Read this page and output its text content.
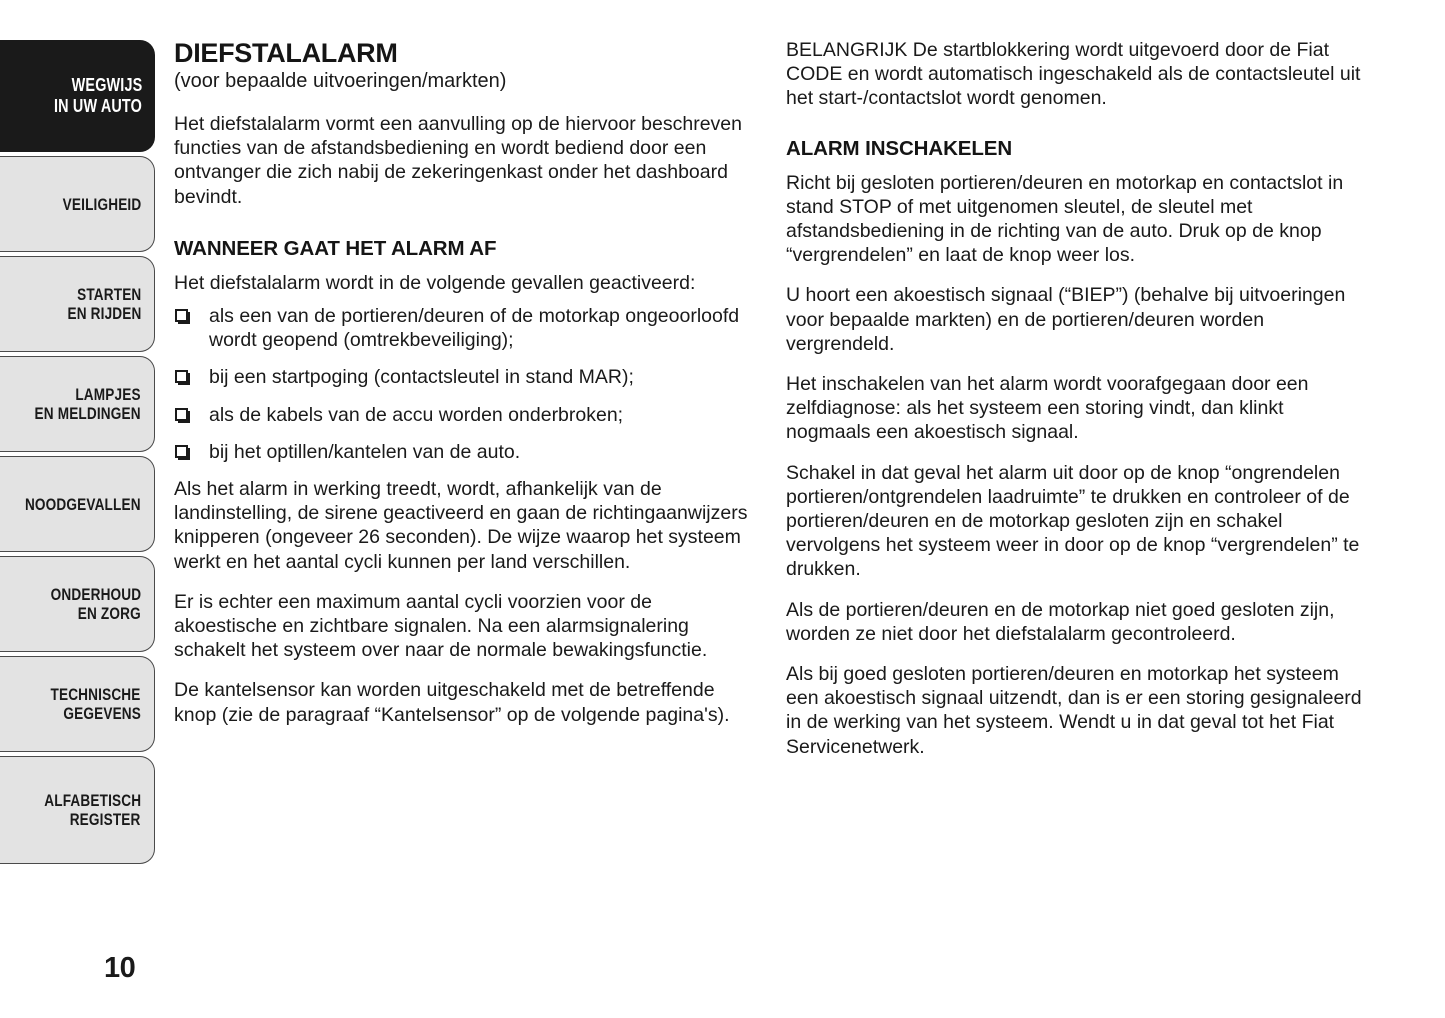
WEGWIJS
IN UW AUTO
VEILIGHEID
STARTEN
EN RIJDEN
LAMPJES
EN MELDINGEN
NOODGEVALLEN
ONDERHOUD
EN ZORG
TECHNISCHE
GEGEVENS
ALFABETISCH
REGISTER
10
DIEFSTALALARM

(voor bepaalde uitvoeringen/markten)

Het diefstalalarm vormt een aanvulling op de hiervoor beschreven functies van de afstandsbediening en wordt bediend door een ontvanger die zich nabij de zekeringenkast onder het dashboard bevindt.

WANNEER GAAT HET ALARM AF

Het diefstalalarm wordt in de volgende gevallen geactiveerd:

als een van de portieren/deuren of de motorkap ongeoorloofd wordt geopend (omtrekbeveiliging);
bij een startpoging (contactsleutel in stand MAR);
als de kabels van de accu worden onderbroken;
bij het optillen/kantelen van de auto.

Als het alarm in werking treedt, wordt, afhankelijk van de landinstelling, de sirene geactiveerd en gaan de richtingaanwijzers knipperen (ongeveer 26 seconden). De wijze waarop het systeem werkt en het aantal cycli kunnen per land verschillen.

Er is echter een maximum aantal cycli voorzien voor de akoestische en zichtbare signalen. Na een alarmsignalering schakelt het systeem over naar de normale bewakingsfunctie.

De kantelsensor kan worden uitgeschakeld met de betreffende knop (zie de paragraaf “Kantelsensor” op de volgende pagina's).

BELANGRIJK De startblokkering wordt uitgevoerd door de Fiat CODE en wordt automatisch ingeschakeld als de contactsleutel uit het start-/contactslot wordt genomen.

ALARM INSCHAKELEN

Richt bij gesloten portieren/deuren en motorkap en contactslot in stand STOP of met uitgenomen sleutel, de sleutel met afstandsbediening in de richting van de auto. Druk op de knop “vergrendelen” en laat de knop weer los.

U hoort een akoestisch signaal (“BIEP”) (behalve bij uitvoeringen voor bepaalde markten) en de portieren/deuren worden vergrendeld.

Het inschakelen van het alarm wordt voorafgegaan door een zelfdiagnose: als het systeem een storing vindt, dan klinkt nogmaals een akoestisch signaal.

Schakel in dat geval het alarm uit door op de knop “ongrendelen portieren/ontgrendelen laadruimte” te drukken en controleer of de portieren/deuren en de motorkap gesloten zijn en schakel vervolgens het systeem weer in door op de knop “vergrendelen” te drukken.

Als de portieren/deuren en de motorkap niet goed gesloten zijn, worden ze niet door het diefstalalarm gecontroleerd.

Als bij goed gesloten portieren/deuren en motorkap het systeem een akoestisch signaal uitzendt, dan is er een storing gesignaleerd in de werking van het systeem. Wendt u in dat geval tot het Fiat Servicenetwerk.
